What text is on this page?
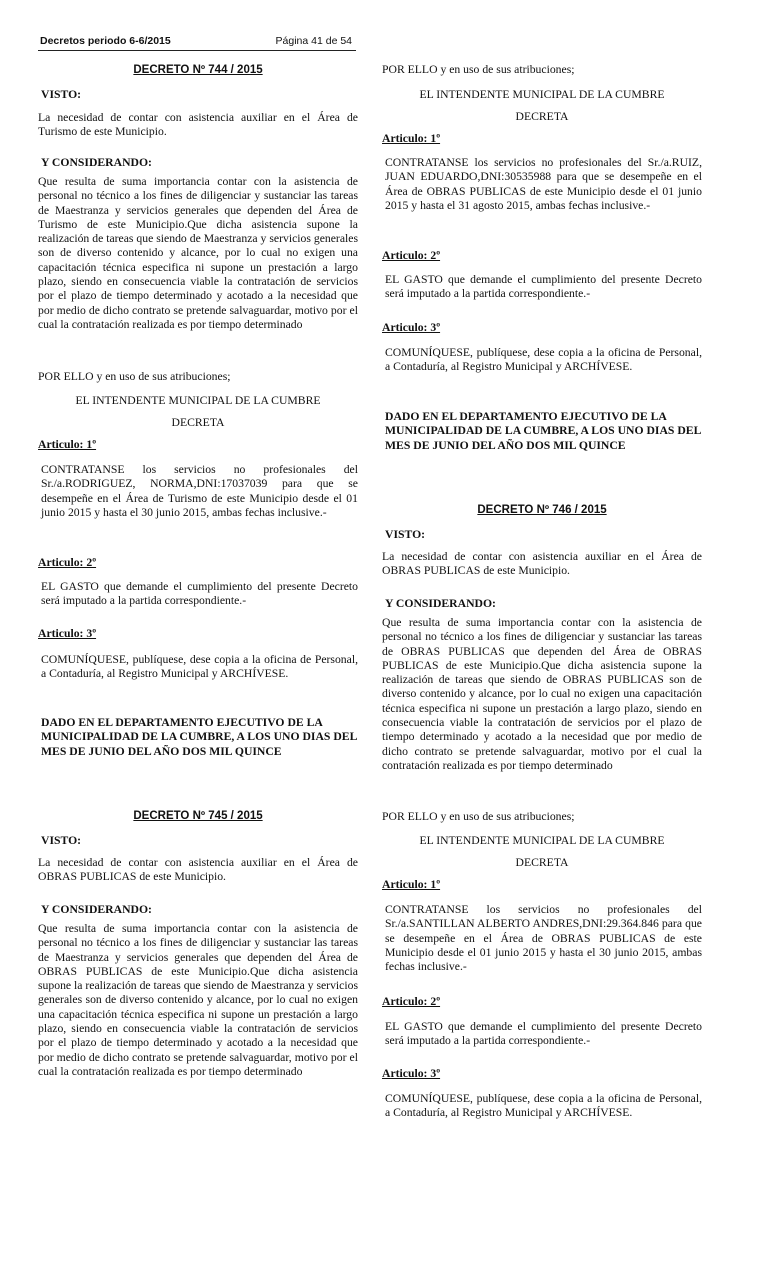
Decretos periodo 6-6/2015	Página 41 de 54

DECRETO Nº 744 / 2015
VISTO:
La necesidad de contar con asistencia auxiliar en el Área de Turismo de este Municipio.
Y CONSIDERANDO:
Que resulta de suma importancia contar con la asistencia de personal no técnico a los fines de diligenciar y sustanciar las tareas de Maestranza y servicios generales que dependen del Área de Turismo de este Municipio.Que dicha asistencia supone la realización de tareas que siendo de Maestranza y servicios generales son de diverso contenido y alcance, por lo cual no exigen una capacitación técnica especifica ni supone un prestación a largo plazo, siendo en consecuencia viable la contratación de servicios por el plazo de tiempo determinado y acotado a la necesidad que por medio de dicho contrato se pretende salvaguardar, motivo por el cual la contratación realizada es por tiempo determinado
POR ELLO y en uso de sus atribuciones;
EL INTENDENTE MUNICIPAL DE LA CUMBRE
DECRETA
Articulo: 1º
CONTRATANSE los servicios no profesionales del Sr./a.RODRIGUEZ, NORMA,DNI:17037039 para que se desempeñe en el Área de Turismo de este Municipio desde el 01 junio 2015 y hasta el 30 junio 2015, ambas fechas inclusive.-
Articulo: 2º
EL GASTO que demande el cumplimiento del presente Decreto será imputado a la partida correspondiente.-
Articulo: 3º
COMUNÍQUESE, publíquese, dese copia a la oficina de Personal, a Contaduría, al Registro Municipal y ARCHÍVESE.
DADO EN EL DEPARTAMENTO EJECUTIVO DE LA MUNICIPALIDAD DE LA CUMBRE, A LOS UNO DIAS DEL MES DE JUNIO DEL AÑO DOS MIL QUINCE
DECRETO Nº 745 / 2015
VISTO:
La necesidad de contar con asistencia auxiliar en el Área de OBRAS PUBLICAS de este Municipio.
Y CONSIDERANDO:
Que resulta de suma importancia contar con la asistencia de personal no técnico a los fines de diligenciar y sustanciar las tareas de Maestranza y servicios generales que dependen del Área de OBRAS PUBLICAS de este Municipio.Que dicha asistencia supone la realización de tareas que siendo de Maestranza y servicios generales son de diverso contenido y alcance, por lo cual no exigen una capacitación técnica especifica ni supone un prestación a largo plazo, siendo en consecuencia viable la contratación de servicios por el plazo de tiempo determinado y acotado a la necesidad que por medio de dicho contrato se pretende salvaguardar, motivo por el cual la contratación realizada es por tiempo determinado
POR ELLO y en uso de sus atribuciones;
EL INTENDENTE MUNICIPAL DE LA CUMBRE
DECRETA
Articulo: 1º
CONTRATANSE los servicios no profesionales del Sr./a.RUIZ, JUAN EDUARDO,DNI:30535988 para que se desempeñe en el Área de OBRAS PUBLICAS de este Municipio desde el 01 junio 2015 y hasta el 31 agosto 2015, ambas fechas inclusive.-
Articulo: 2º
EL GASTO que demande el cumplimiento del presente Decreto será imputado a la partida correspondiente.-
Articulo: 3º
COMUNÍQUESE, publíquese, dese copia a la oficina de Personal, a Contaduría, al Registro Municipal y ARCHÍVESE.
DADO EN EL DEPARTAMENTO EJECUTIVO DE LA MUNICIPALIDAD DE LA CUMBRE, A LOS UNO DIAS DEL MES DE JUNIO DEL AÑO DOS MIL QUINCE
DECRETO Nº 746 / 2015
VISTO:
La necesidad de contar con asistencia auxiliar en el Área de OBRAS PUBLICAS de este Municipio.
Y CONSIDERANDO:
Que resulta de suma importancia contar con la asistencia de personal no técnico a los fines de diligenciar y sustanciar las tareas de OBRAS PUBLICAS que dependen del Área de OBRAS PUBLICAS de este Municipio.Que dicha asistencia supone la realización de tareas que siendo de OBRAS PUBLICAS son de diverso contenido y alcance, por lo cual no exigen una capacitación técnica especifica ni supone un prestación a largo plazo, siendo en consecuencia viable la contratación de servicios por el plazo de tiempo determinado y acotado a la necesidad que por medio de dicho contrato se pretende salvaguardar, motivo por el cual la contratación realizada es por tiempo determinado
POR ELLO y en uso de sus atribuciones;
EL INTENDENTE MUNICIPAL DE LA CUMBRE
DECRETA
Articulo: 1º
CONTRATANSE los servicios no profesionales del Sr./a.SANTILLAN ALBERTO ANDRES,DNI:29.364.846 para que se desempeñe en el Área de OBRAS PUBLICAS de este Municipio desde el 01 junio 2015 y hasta el 30 junio 2015, ambas fechas inclusive.-
Articulo: 2º
EL GASTO que demande el cumplimiento del presente Decreto será imputado a la partida correspondiente.-
Articulo: 3º
COMUNÍQUESE, publíquese, dese copia a la oficina de Personal, a Contaduría, al Registro Municipal y ARCHÍVESE.
